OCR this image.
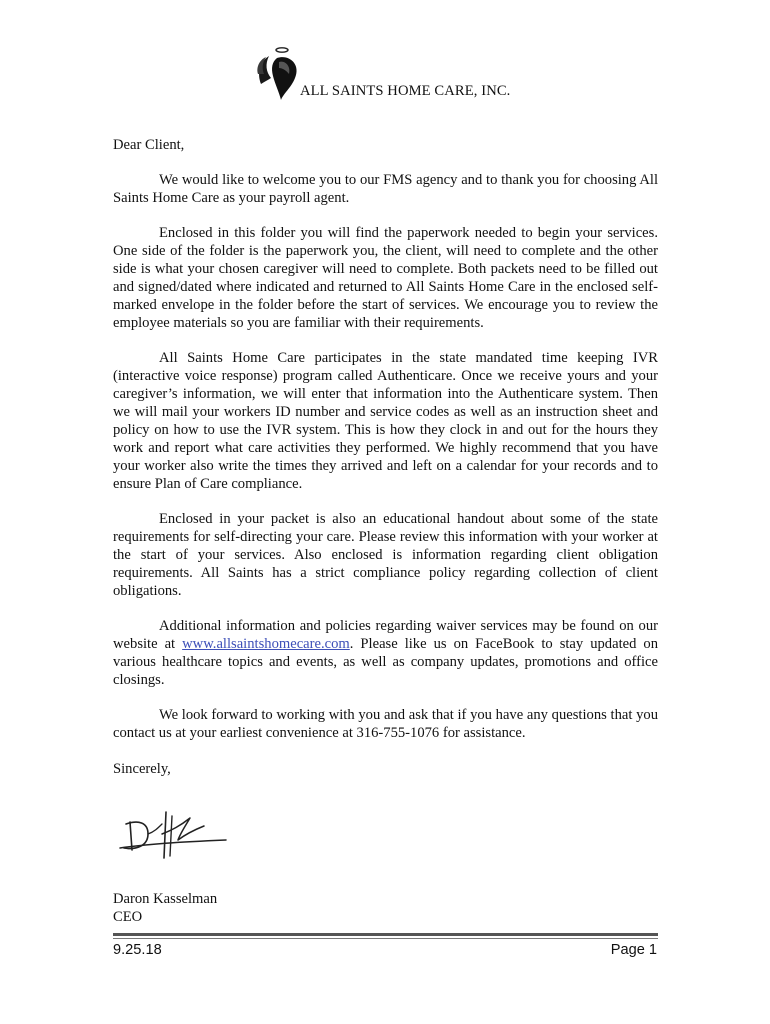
ALL SAINTS HOME CARE, INC.

Dear Client,

We would like to welcome you to our FMS agency and to thank you for choosing All Saints Home Care as your payroll agent.

Enclosed in this folder you will find the paperwork needed to begin your services. One side of the folder is the paperwork you, the client, will need to complete and the other side is what your chosen caregiver will need to complete. Both packets need to be filled out and signed/dated where indicated and returned to All Saints Home Care in the enclosed self-marked envelope in the folder before the start of services. We encourage you to review the employee materials so you are familiar with their requirements.

All Saints Home Care participates in the state mandated time keeping IVR (interactive voice response) program called Authenticare. Once we receive yours and your caregiver’s information, we will enter that information into the Authenticare system. Then we will mail your workers ID number and service codes as well as an instruction sheet and policy on how to use the IVR system. This is how they clock in and out for the hours they work and report what care activities they performed. We highly recommend that you have your worker also write the times they arrived and left on a calendar for your records and to ensure Plan of Care compliance.

Enclosed in your packet is also an educational handout about some of the state requirements for self-directing your care. Please review this information with your worker at the start of your services. Also enclosed is information regarding client obligation requirements. All Saints has a strict compliance policy regarding collection of client obligations.

Additional information and policies regarding waiver services may be found on our website at www.allsaintshomecare.com. Please like us on FaceBook to stay updated on various healthcare topics and events, as well as company updates, promotions and office closings.

We look forward to working with you and ask that if you have any questions that you contact us at your earliest convenience at 316-755-1076 for assistance.

Sincerely,
Daron Kasselman
CEO
9.25.18	Page 1
